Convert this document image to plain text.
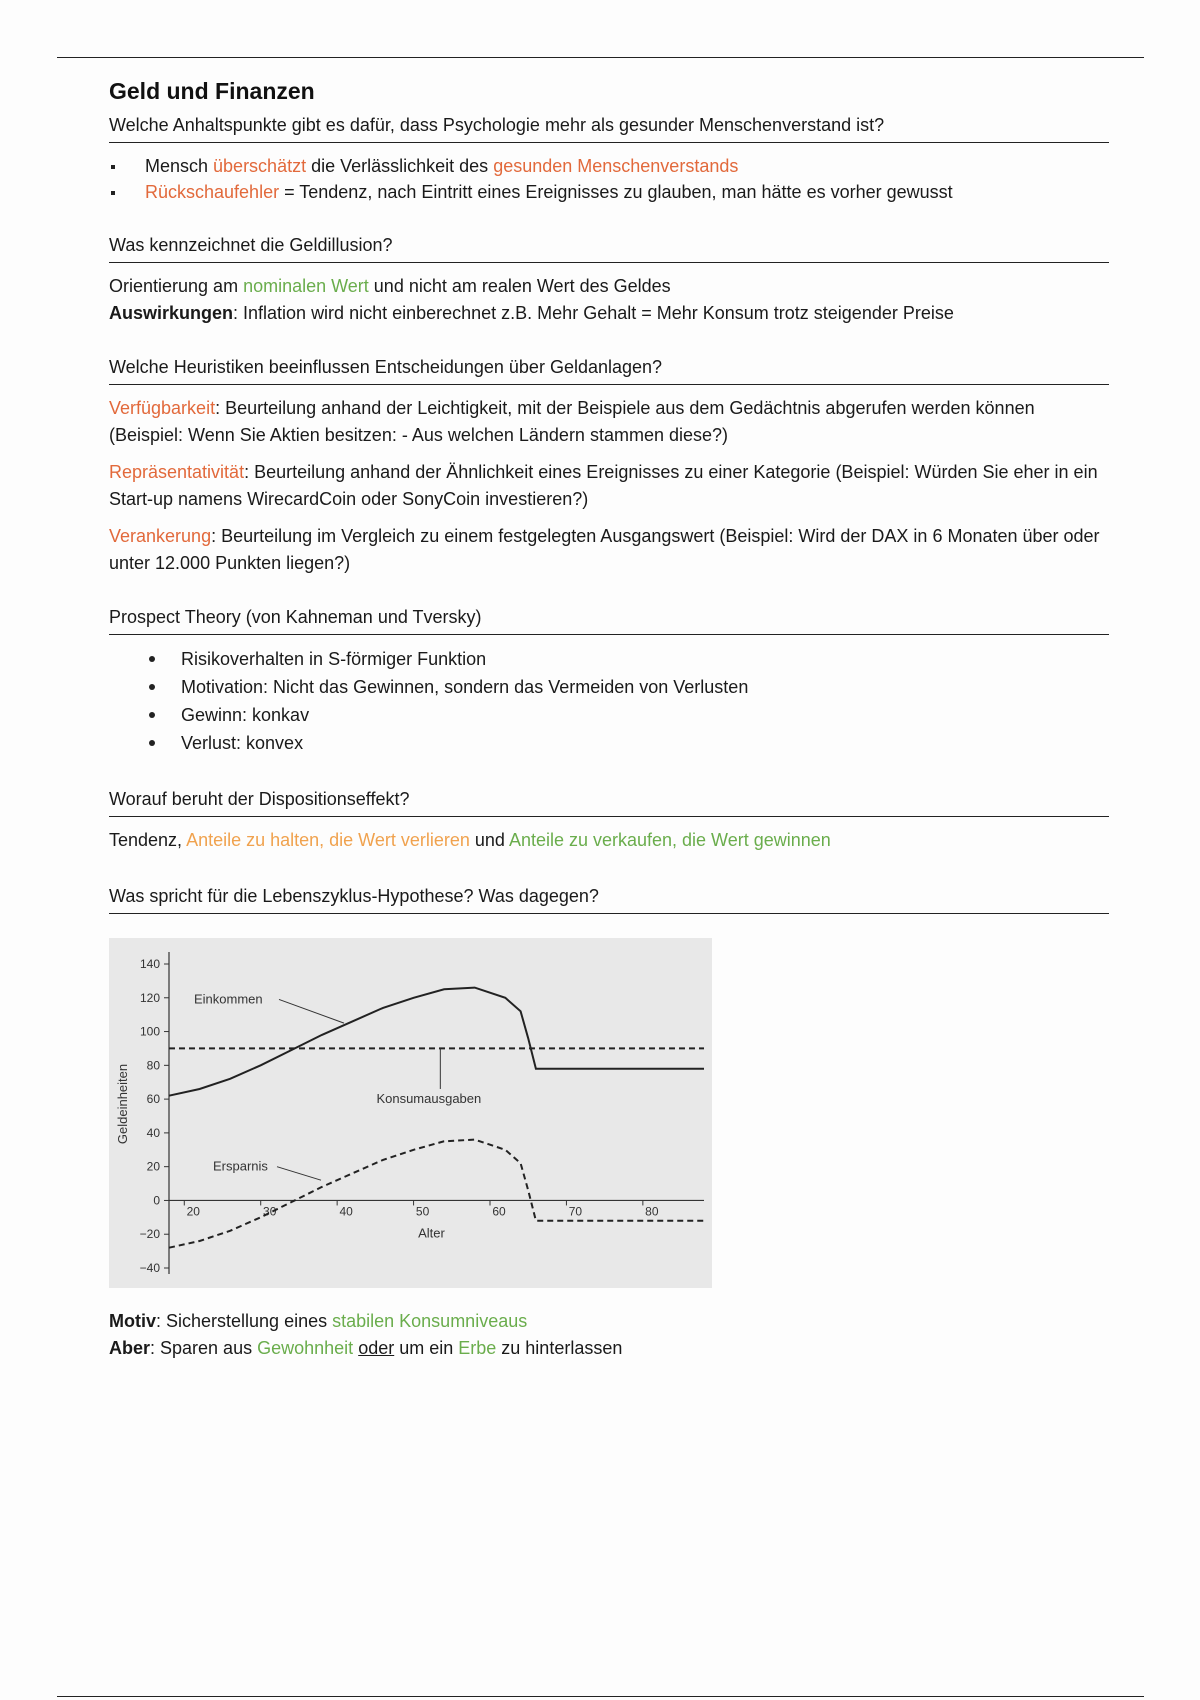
Geld und Finanzen
Welche Anhaltspunkte gibt es dafür, dass Psychologie mehr als gesunder Menschenverstand ist?
Mensch überschätzt die Verlässlichkeit des gesunden Menschenverstands
Rückschaufehler = Tendenz, nach Eintritt eines Ereignisses zu glauben, man hätte es vorher gewusst
Was kennzeichnet die Geldillusion?
Orientierung am nominalen Wert und nicht am realen Wert des Geldes
Auswirkungen: Inflation wird nicht einberechnet z.B. Mehr Gehalt = Mehr Konsum trotz steigender Preise
Welche Heuristiken beeinflussen Entscheidungen über Geldanlagen?
Verfügbarkeit: Beurteilung anhand der Leichtigkeit, mit der Beispiele aus dem Gedächtnis abgerufen werden können (Beispiel: Wenn Sie Aktien besitzen: - Aus welchen Ländern stammen diese?)
Repräsentativität: Beurteilung anhand der Ähnlichkeit eines Ereignisses zu einer Kategorie (Beispiel: Würden Sie eher in ein Start-up namens WirecardCoin oder SonyCoin investieren?)
Verankerung: Beurteilung im Vergleich zu einem festgelegten Ausgangswert (Beispiel: Wird der DAX in 6 Monaten über oder unter 12.000 Punkten liegen?)
Prospect Theory (von Kahneman und Tversky)
Risikoverhalten in S-förmiger Funktion
Motivation: Nicht das Gewinnen, sondern das Vermeiden von Verlusten
Gewinn: konkav
Verlust: konvex
Worauf beruht der Dispositionseffekt?
Tendenz, Anteile zu halten, die Wert verlieren und Anteile zu verkaufen, die Wert gewinnen
Was spricht für die Lebenszyklus-Hypothese? Was dagegen?
−40
−20
0
20
40
60
80
100
120
140
20	30	40	50	60	70	80
Alter
Geldeinheiten
Einkommen
Konsumausgaben
Ersparnis
Motiv: Sicherstellung eines stabilen Konsumniveaus
Aber: Sparen aus Gewohnheit oder um ein Erbe zu hinterlassen
